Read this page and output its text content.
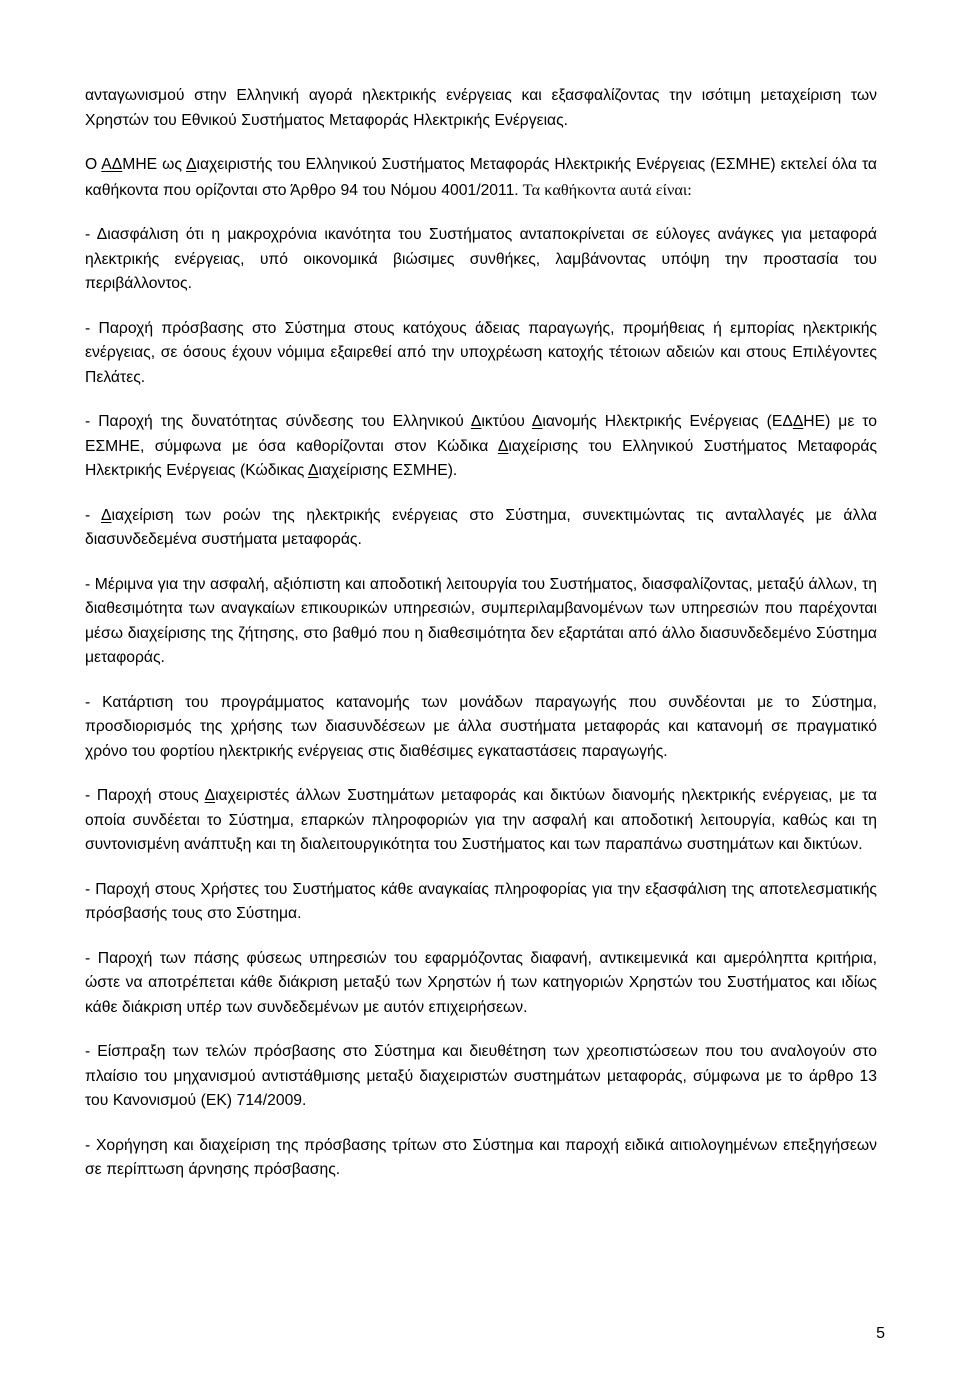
ανταγωνισμού στην Ελληνική αγορά ηλεκτρικής ενέργειας και εξασφαλίζοντας την ισότιμη μεταχείριση των Χρηστών του Εθνικού Συστήματος Μεταφοράς Ηλεκτρικής Ενέργειας.

Ο ΑΔΜΗΕ ως Διαχειριστής του Ελληνικού Συστήματος Μεταφοράς Ηλεκτρικής Ενέργειας (ΕΣΜΗΕ) εκτελεί όλα τα καθήκοντα που ορίζονται στο Άρθρο 94 του Νόμου 4001/2011. Τα καθήκοντα αυτά είναι:

- Διασφάλιση ότι η μακροχρόνια ικανότητα του Συστήματος ανταποκρίνεται σε εύλογες ανάγκες για μεταφορά ηλεκτρικής ενέργειας, υπό οικονομικά βιώσιμες συνθήκες, λαμβάνοντας υπόψη την προστασία του περιβάλλοντος.

- Παροχή πρόσβασης στο Σύστημα στους κατόχους άδειας παραγωγής, προμήθειας ή εμπορίας ηλεκτρικής ενέργειας, σε όσους έχουν νόμιμα εξαιρεθεί από την υποχρέωση κατοχής τέτοιων αδειών και στους Επιλέγοντες Πελάτες.

- Παροχή της δυνατότητας σύνδεσης του Ελληνικού Δικτύου Διανομής Ηλεκτρικής Ενέργειας (ΕΔΔΗΕ) με το ΕΣΜΗΕ, σύμφωνα με όσα καθορίζονται στον Κώδικα Διαχείρισης του Ελληνικού Συστήματος Μεταφοράς Ηλεκτρικής Ενέργειας (Κώδικας Διαχείρισης ΕΣΜΗΕ).

- Διαχείριση των ροών της ηλεκτρικής ενέργειας στο Σύστημα, συνεκτιμώντας τις ανταλλαγές με άλλα διασυνδεδεμένα συστήματα μεταφοράς.

- Μέριμνα για την ασφαλή, αξιόπιστη και αποδοτική λειτουργία του Συστήματος, διασφαλίζοντας, μεταξύ άλλων, τη διαθεσιμότητα των αναγκαίων επικουρικών υπηρεσιών, συμπεριλαμβανομένων των υπηρεσιών που παρέχονται μέσω διαχείρισης της ζήτησης, στο βαθμό που η διαθεσιμότητα δεν εξαρτάται από άλλο διασυνδεδεμένο Σύστημα μεταφοράς.

- Κατάρτιση του προγράμματος κατανομής των μονάδων παραγωγής που συνδέονται με το Σύστημα, προσδιορισμός της χρήσης των διασυνδέσεων με άλλα συστήματα μεταφοράς και κατανομή σε πραγματικό χρόνο του φορτίου ηλεκτρικής ενέργειας στις διαθέσιμες εγκαταστάσεις παραγωγής.

- Παροχή στους Διαχειριστές άλλων Συστημάτων μεταφοράς και δικτύων διανομής ηλεκτρικής ενέργειας, με τα οποία συνδέεται το Σύστημα, επαρκών πληροφοριών για την ασφαλή και αποδοτική λειτουργία, καθώς και τη συντονισμένη ανάπτυξη και τη διαλειτουργικότητα του Συστήματος και των παραπάνω συστημάτων και δικτύων.

- Παροχή στους Χρήστες του Συστήματος κάθε αναγκαίας πληροφορίας για την εξασφάλιση της αποτελεσματικής πρόσβασής τους στο Σύστημα.

- Παροχή των πάσης φύσεως υπηρεσιών του εφαρμόζοντας διαφανή, αντικειμενικά και αμερόληπτα κριτήρια, ώστε να αποτρέπεται κάθε διάκριση μεταξύ των Χρηστών ή των κατηγοριών Χρηστών του Συστήματος και ιδίως κάθε διάκριση υπέρ των συνδεδεμένων με αυτόν επιχειρήσεων.

- Είσπραξη των τελών πρόσβασης στο Σύστημα και διευθέτηση των χρεοπιστώσεων που του αναλογούν στο πλαίσιο του μηχανισμού αντιστάθμισης μεταξύ διαχειριστών συστημάτων μεταφοράς, σύμφωνα με το άρθρο 13 του Κανονισμού (ΕΚ) 714/2009.

- Χορήγηση και διαχείριση της πρόσβασης τρίτων στο Σύστημα και παροχή ειδικά αιτιολογημένων επεξηγήσεων σε περίπτωση άρνησης πρόσβασης.

5
